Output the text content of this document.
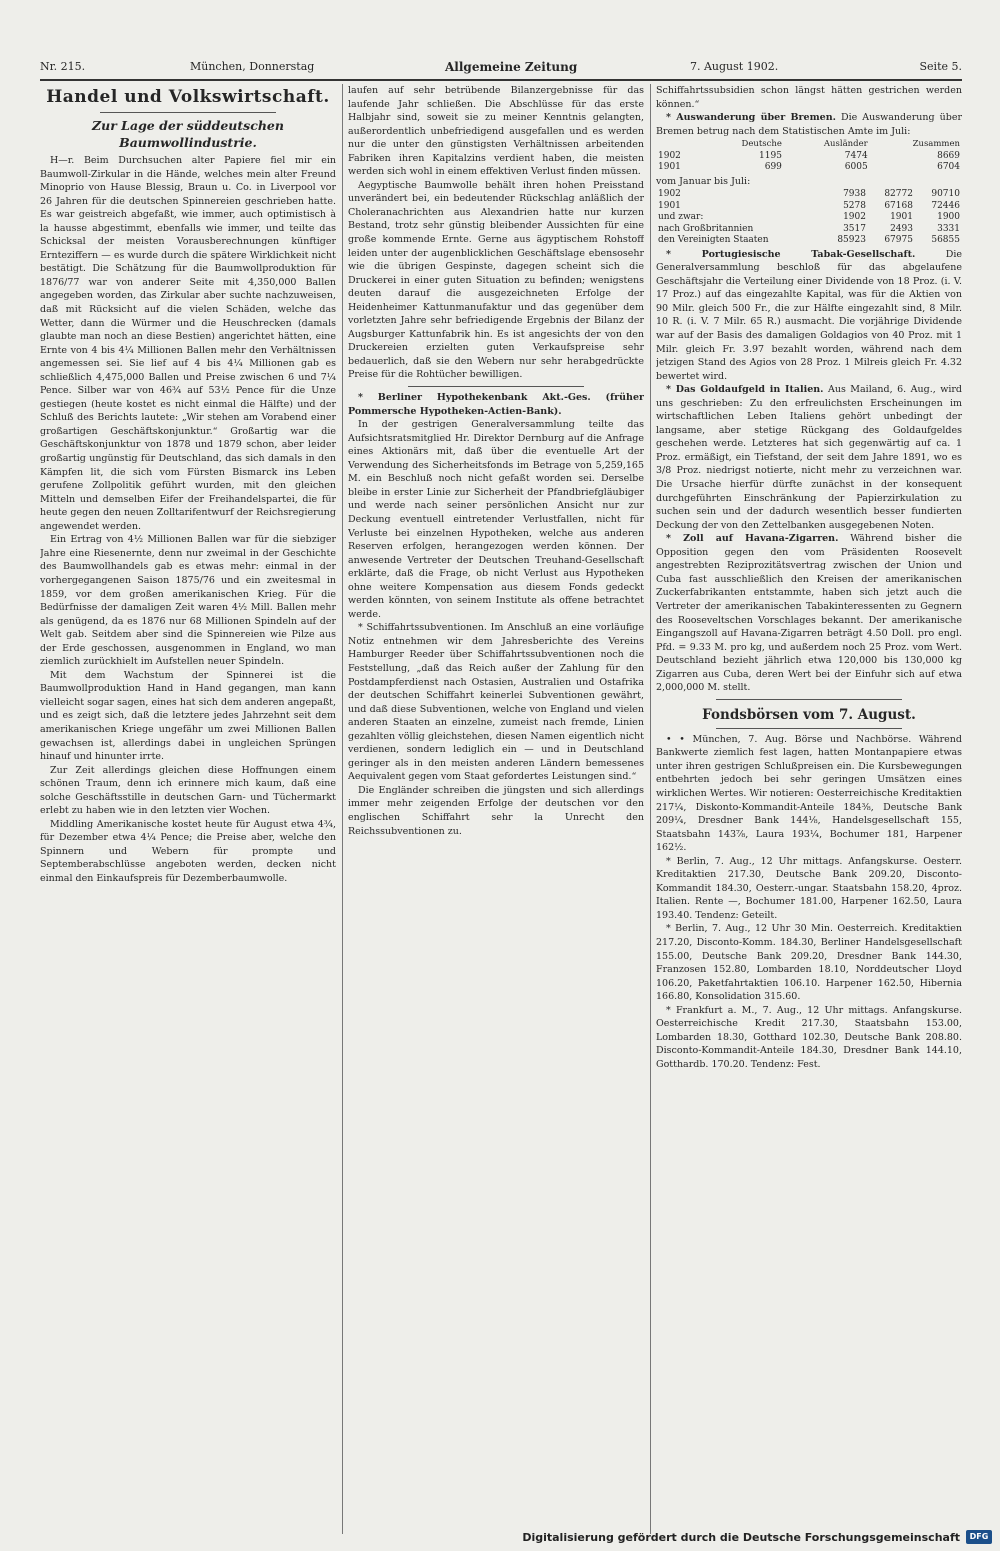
Nr. 215.	München, Donnerstag	Allgemeine Zeitung	7. August 1902.	Seite 5.
Handel und Volkswirtschaft.
Zur Lage der süddeutschen Baumwollindustrie.

H—r. Beim Durchsuchen alter Papiere fiel mir ein Baumwoll-Zirkular in die Hände, welches mein alter Freund Minoprio von Hause Blessig, Braun u. Co. in Liverpool vor 26 Jahren für die deutschen Spinnereien geschrieben hatte. Es war geistreich abgefaßt, wie immer, auch optimistisch à la hausse abgestimmt, ebenfalls wie immer, und teilte das Schicksal der meisten Vorausberechnungen künftiger Ernteziffern — es wurde durch die spätere Wirklichkeit nicht bestätigt. Die Schätzung für die Baumwollproduktion für 1876/77 war von anderer Seite mit 4,350,000 Ballen angegeben worden, das Zirkular aber suchte nachzuweisen, daß mit Rücksicht auf die vielen Schäden, welche das Wetter, dann die Würmer und die Heuschrecken (damals glaubte man noch an diese Bestien) angerichtet hätten, eine Ernte von 4 bis 4¼ Millionen Ballen mehr den Verhältnissen angemessen sei. Sie lief auf 4 bis 4¼ Millionen gab es schließlich 4,475,000 Ballen und Preise zwischen 6 und 7¼ Pence. Silber war von 46¾ auf 53½ Pence für die Unze gestiegen (heute kostet es nicht einmal die Hälfte) und der Schluß des Berichts lautete: „Wir stehen am Vorabend einer großartigen Geschäftskonjunktur.“ Großartig war die Geschäftskonjunktur von 1878 und 1879 schon, aber leider großartig ungünstig für Deutschland, das sich damals in den Kämpfen lit, die sich vom Fürsten Bismarck ins Leben gerufene Zollpolitik geführt wurden, mit den gleichen Mitteln und demselben Eifer der Freihandelspartei, die für heute gegen den neuen Zolltarifentwurf der Reichsregierung angewendet werden.

Ein Ertrag von 4½ Millionen Ballen war für die siebziger Jahre eine Riesenernte, denn nur zweimal in der Geschichte des Baumwollhandels gab es etwas mehr: einmal in der vorhergegangenen Saison 1875/76 und ein zweitesmal in 1859, vor dem großen amerikanischen Krieg. Für die Bedürfnisse der damaligen Zeit waren 4½ Mill. Ballen mehr als genügend, da es 1876 nur 68 Millionen Spindeln auf der Welt gab. Seitdem aber sind die Spinnereien wie Pilze aus der Erde geschossen, ausgenommen in England, wo man ziemlich zurückhielt im Aufstellen neuer Spindeln.

Mit dem Wachstum der Spinnerei ist die Baumwollproduktion Hand in Hand gegangen, man kann vielleicht sogar sagen, eines hat sich dem anderen angepaßt, und es zeigt sich, daß die letztere jedes Jahrzehnt seit dem amerikanischen Kriege ungefähr um zwei Millionen Ballen gewachsen ist, allerdings dabei in ungleichen Sprüngen hinauf und hinunter irrte.

Zur Zeit allerdings gleichen diese Hoffnungen einem schönen Traum, denn ich erinnere mich kaum, daß eine solche Geschäftsstille in deutschen Garn- und Tüchermarkt erlebt zu haben wie in den letzten vier Wochen.

Middling Amerikanische kostet heute für August etwa 4¾, für Dezember etwa 4¼ Pence; die Preise aber, welche den Spinnern und Webern für prompte und Septemberabschlüsse angeboten werden, decken nicht einmal den Einkaufspreis für Dezemberbaumwolle.

laufen auf sehr betrübende Bilanzergebnisse für das laufende Jahr schließen. Die Abschlüsse für das erste Halbjahr sind, soweit sie zu meiner Kenntnis gelangten, außerordentlich unbefriedigend ausgefallen und es werden nur die unter den günstigsten Verhältnissen arbeitenden Fabriken ihren Kapitalzins verdient haben, die meisten werden sich wohl in einem effektiven Verlust finden müssen.

Aegyptische Baumwolle behält ihren hohen Preisstand unverändert bei, ein bedeutender Rückschlag anläßlich der Choleranachrichten aus Alexandrien hatte nur kurzen Bestand, trotz sehr günstig bleibender Aussichten für eine große kommende Ernte. Gerne aus ägyptischem Rohstoff leiden unter der augenblicklichen Geschäftslage ebensosehr wie die übrigen Gespinste, dagegen scheint sich die Druckerei in einer guten Situation zu befinden; wenigstens deuten darauf die ausgezeichneten Erfolge der Heidenheimer Kattunmanufaktur und das gegenüber dem vorletzten Jahre sehr befriedigende Ergebnis der Bilanz der Augsburger Kattunfabrik hin. Es ist angesichts der von den Druckereien erzielten guten Verkaufspreise sehr bedauerlich, daß sie den Webern nur sehr herabgedrückte Preise für die Rohtücher bewilligen.

* Berliner Hypothekenbank Akt.-Ges. (früher Pommersche Hypotheken-Actien-Bank).

In der gestrigen Generalversammlung teilte das Aufsichtsratsmitglied Hr. Direktor Dernburg auf die Anfrage eines Aktionärs mit, daß über die eventuelle Art der Verwendung des Sicherheitsfonds im Betrage von 5,259,165 M. ein Beschluß noch nicht gefaßt worden sei. Derselbe bleibe in erster Linie zur Sicherheit der Pfandbriefgläubiger und werde nach seiner persönlichen Ansicht nur zur Deckung eventuell eintretender Verlustfallen, nicht für Verluste bei einzelnen Hypotheken, welche aus anderen Reserven erfolgen, herangezogen werden können. Der anwesende Vertreter der Deutschen Treuhand-Gesellschaft erklärte, daß die Frage, ob nicht Verlust aus Hypotheken ohne weitere Kompensation aus diesem Fonds gedeckt werden könnten, von seinem Institute als offene betrachtet werde.

* Schiffahrtssubventionen. Im Anschluß an eine vorläufige Notiz entnehmen wir dem Jahresberichte des Vereins Hamburger Reeder über Schiffahrtssubventionen noch die Feststellung, „daß das Reich außer der Zahlung für den Postdampferdienst nach Ostasien, Australien und Ostafrika der deutschen Schiffahrt keinerlei Subventionen gewährt, und daß diese Subventionen, welche von England und vielen anderen Staaten an einzelne, zumeist nach fremde, Linien gezahlten völlig gleichstehen, diesen Namen eigentlich nicht verdienen, sondern lediglich ein — und in Deutschland geringer als in den meisten anderen Ländern bemessenes Aequivalent gegen vom Staat gefordertes Leistungen sind.“

Die Engländer schreiben die jüngsten und sich allerdings immer mehr zeigenden Erfolge der deutschen vor den englischen Schiffahrt sehr la Unrecht den Reichssubventionen zu.

Schiffahrtssubsidien schon längst hätten gestrichen werden können.“

* Auswanderung über Bremen. Die Auswanderung über Bremen betrug nach dem Statistischen Amte im Juli:

	Deutsche	Ausländer	Zusammen
1902	1195	7474	8669
1901	699	6005	6704

vom Januar bis Juli:

1902	7938	82772	90710
1901	5278	67168	72446
und zwar:	1902	1901	1900
nach Großbritannien	3517	2493	3331
den Vereinigten Staaten	85923	67975	56855

* Portugiesische Tabak-Gesellschaft.	Die Generalversammlung beschloß für das abgelaufene Geschäftsjahr die Verteilung einer Dividende von 18 Proz. (i. V. 17 Proz.) auf das eingezahlte Kapital, was für die Aktien von 90 Milr. gleich 500 Fr., die zur Hälfte eingezahlt sind, 8 Milr. 10 R. (i. V. 7 Milr. 65 R.) ausmacht. Die vorjährige Dividende war auf der Basis des damaligen Goldagios von 40 Proz. mit 1 Milr. gleich Fr. 3.97 bezahlt worden, während nach dem jetzigen Stand des Agios von 28 Proz. 1 Milreis gleich Fr. 4.32 bewertet wird.

* Das Goldaufgeld in Italien. Aus Mailand, 6. Aug., wird uns geschrieben: Zu den erfreulichsten Erscheinungen im wirtschaftlichen Leben Italiens gehört unbedingt der langsame, aber stetige Rückgang des Goldaufgeldes geschehen werde. Letzteres hat sich gegenwärtig auf ca. 1 Proz. ermäßigt, ein Tiefstand, der seit dem Jahre 1891, wo es 3/8 Proz. niedrigst notierte, nicht mehr zu verzeichnen war. Die Ursache hierfür dürfte zunächst in der konsequent durchgeführten Einschränkung der Papierzirkulation zu suchen sein und der dadurch wesentlich besser fundierten Deckung der von den Zettelbanken ausgegebenen Noten.

* Zoll auf Havana-Zigarren. Während bisher die Opposition gegen den vom Präsidenten Roosevelt angestrebten Reziprozitätsvertrag zwischen der Union und Cuba fast ausschließlich den Kreisen der amerikanischen Zuckerfabrikanten entstammte, haben sich jetzt auch die Vertreter der amerikanischen Tabakinteressenten zu Gegnern des Rooseveltschen Vorschlages bekannt. Der amerikanische Eingangszoll auf Havana-Zigarren beträgt 4.50 Doll. pro engl. Pfd. = 9.33 M. pro kg, und außerdem noch 25 Proz. vom Wert. Deutschland bezieht jährlich etwa 120,000 bis 130,000 kg Zigarren aus Cuba, deren Wert bei der Einfuhr sich auf etwa 2,000,000 M. stellt.

Fondsbörsen vom 7. August.

• • München, 7. Aug. Börse und Nachbörse. Während Bankwerte ziemlich fest lagen, hatten Montanpapiere etwas unter ihren gestrigen Schlußpreisen ein. Die Kursbewegungen entbehrten jedoch bei sehr geringen Umsätzen eines wirklichen Wertes. Wir notieren: Oesterreichische Kreditaktien 217¼, Diskonto-Kommandit-Anteile 184⅜, Deutsche Bank 209¼, Dresdner Bank 144⅛, Handelsgesellschaft 155, Staatsbahn 143⅞, Laura 193¼, Bochumer 181, Harpener 162½.

* Berlin, 7. Aug., 12 Uhr mittags. Anfangskurse. Oesterr. Kreditaktien 217.30, Deutsche Bank 209.20, Disconto-Kommandit 184.30, Oesterr.-ungar. Staatsbahn 158.20, 4proz. Italien. Rente —, Bochumer 181.00, Harpener 162.50, Laura 193.40. Tendenz: Geteilt.

* Berlin, 7. Aug., 12 Uhr 30 Min. Oesterreich. Kreditaktien 217.20, Disconto-Komm. 184.30, Berliner Handelsgesellschaft 155.00, Deutsche Bank 209.20, Dresdner Bank 144.30, Franzosen 152.80, Lombarden 18.10, Norddeutscher Lloyd 106.20, Paketfahrtaktien 106.10. Harpener 162.50, Hibernia 166.80, Konsolidation 315.60.

* Frankfurt a. M., 7. Aug., 12 Uhr mittags. Anfangskurse. Oesterreichische Kredit 217.30, Staatsbahn 153.00, Lombarden 18.30, Gotthard 102.30, Deutsche Bank 208.80. Disconto-Kommandit-Anteile 184.30, Dresdner Bank 144.10, Gotthardb. 170.20. Tendenz: Fest.

Digitalisierung gefördert durch die Deutsche Forschungsgemeinschaft	DFG
